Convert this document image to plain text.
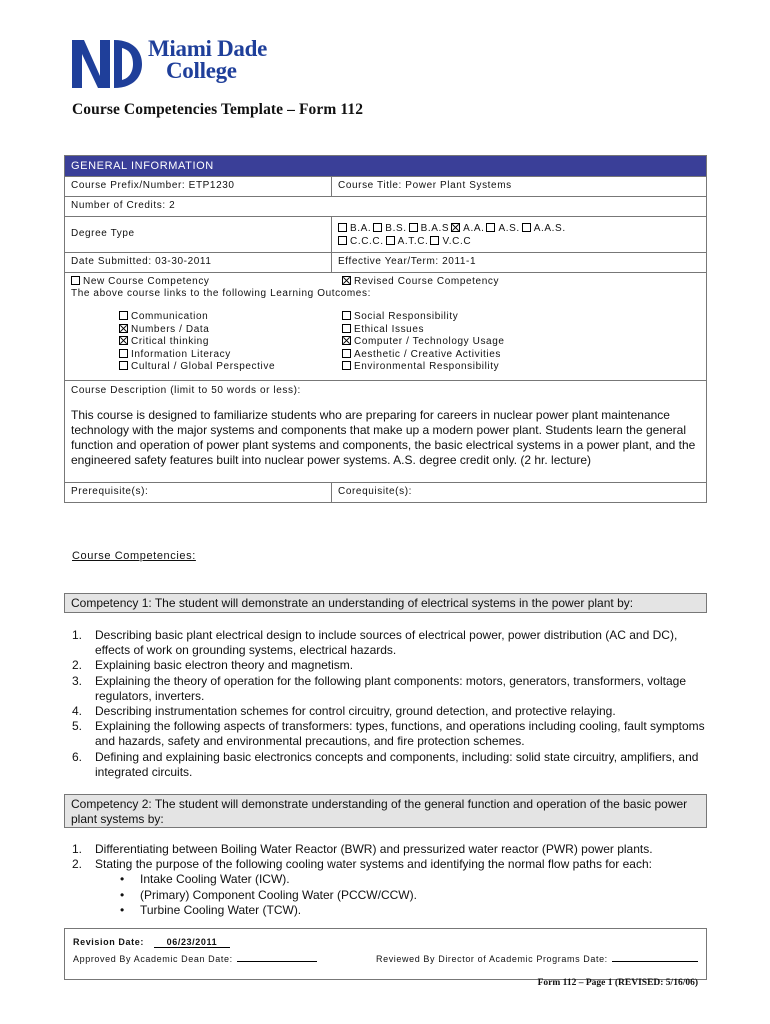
Miami Dade
College
Course Competencies Template – Form 112
GENERAL INFORMATION
Course Prefix/Number: ETP1230	Course Title: Power Plant Systems
Number of Credits: 2
Degree Type	B.A. B.S. B.A.S A.A. A.S. A.A.S.
C.C.C. A.T.C. V.C.C
Date Submitted: 03-30-2011	Effective Year/Term: 2011-1
New Course Competency	Revised Course Competency
The above course links to the following Learning Outcomes:
Communication
Numbers / Data
Critical thinking
Information Literacy
Cultural / Global Perspective
Social Responsibility
Ethical Issues
Computer / Technology Usage
Aesthetic / Creative Activities
Environmental Responsibility
Course Description (limit to 50 words or less):
This course is designed to familiarize students who are preparing for careers in nuclear power plant maintenance technology with the major systems and components that make up a modern power plant. Students learn the general function and operation of power plant systems and components, the basic electrical systems in a power plant, and the engineered safety features built into nuclear power systems. A.S. degree credit only. (2 hr. lecture)
Prerequisite(s):	Corequisite(s):
Course Competencies:
Competency 1: The student will demonstrate an understanding of electrical systems in the power plant by:
1.	Describing basic plant electrical design to include sources of electrical power, power distribution (AC and DC), effects of work on grounding systems, electrical hazards.
2.	Explaining basic electron theory and magnetism.
3.	Explaining the theory of operation for the following plant components: motors, generators, transformers, voltage regulators, inverters.
4.	Describing instrumentation schemes for control circuitry, ground detection, and protective relaying.
5.	Explaining the following aspects of transformers: types, functions, and operations including cooling, fault symptoms and hazards, safety and environmental precautions, and fire protection schemes.
6.	Defining and explaining basic electronics concepts and components, including: solid state circuitry, amplifiers, and integrated circuits.
Competency 2: The student will demonstrate understanding of the general function and operation of the basic power plant systems by:
1.	Differentiating between Boiling Water Reactor (BWR) and pressurized water reactor (PWR) power plants.
2.	Stating the purpose of the following cooling water systems and identifying the normal flow paths for each:
•	Intake Cooling Water (ICW).
•	(Primary) Component Cooling Water (PCCW/CCW).
•	Turbine Cooling Water (TCW).
Revision Date:	06/23/2011
Approved By Academic Dean Date:	Reviewed By Director of Academic Programs Date:
Form 112 – Page 1 (REVISED: 5/16/06)
